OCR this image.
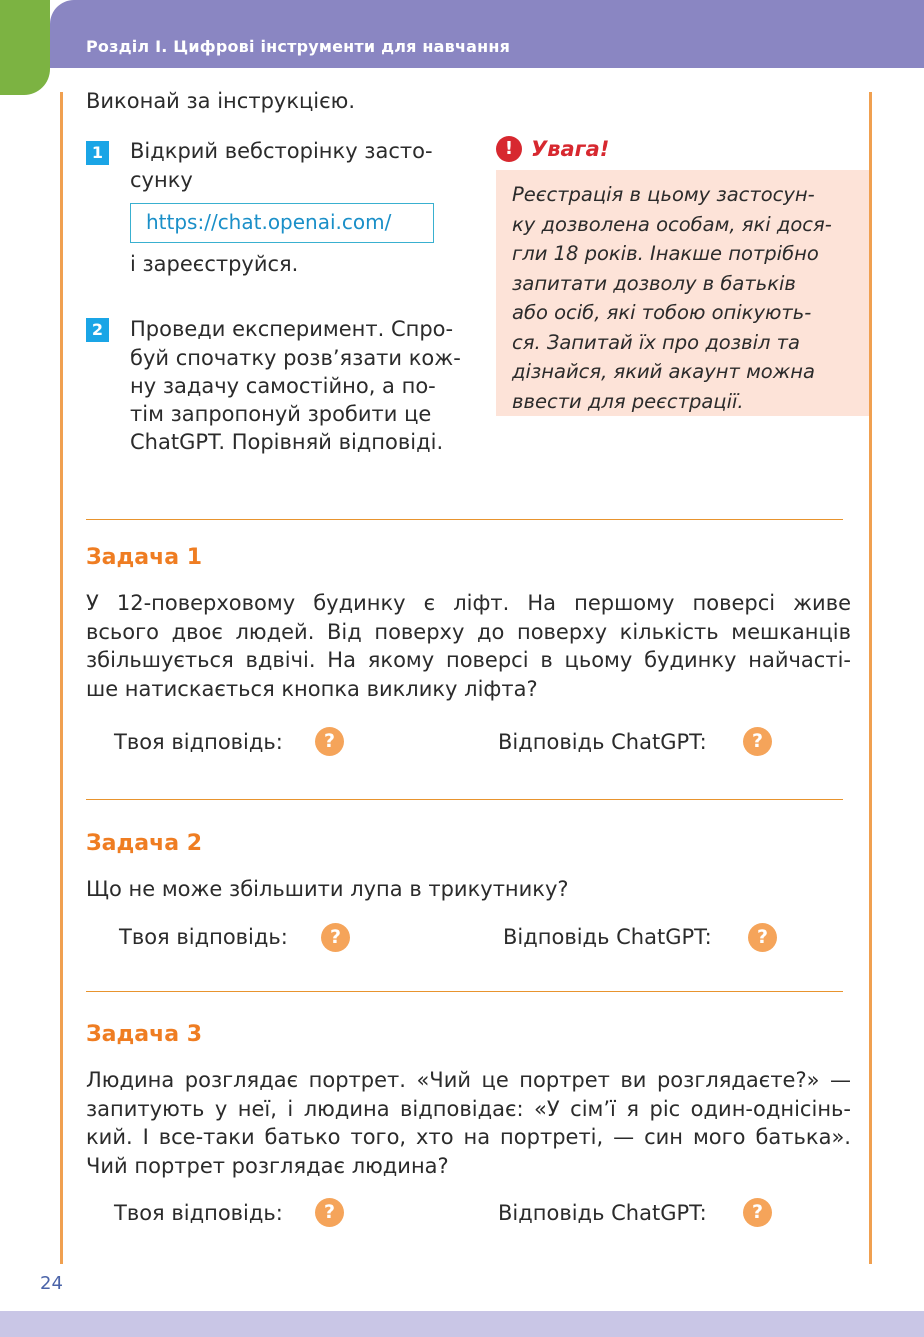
Розділ І. Цифрові інструменти для навчання
Виконай за інструкцією.
1 Відкрий вебсторінку засто-
сунку
https://chat.openai.com/
і зареєструйся.
2 Проведи експеримент. Спро-
буй спочатку розв’язати кож-
ну задачу самостійно, а по-
тім запропонуй зробити це
ChatGPT. Порівняй відповіді.
! Увага!

Реєстрація в цьому застосун-

ку дозволена особам, які дося-

гли 18 років. Інакше потрібно

запитати дозволу в батьків

або осіб, які тобою опікують-

ся. Запитай їх про дозвіл та

дізнайся, який акаунт можна

ввести для реєстрації.

Задача 1
У 12-поверховому будинку є ліфт. На першому поверсі живе
всього двоє людей. Від поверху до поверху кількість мешканців
збільшується вдвічі. На якому поверсі в цьому будинку найчасті-
ше натискається кнопка виклику ліфта?
Твоя відповідь:	?	Відповідь ChatGPT:	?
Задача 2
Що не може збільшити лупа в трикутнику?
Твоя відповідь:	?	Відповідь ChatGPT:	?
Задача 3
Людина розглядає портрет. «Чий це портрет ви розглядаєте?» —
запитують у неї, і людина відповідає: «У сім’ї я ріс один-однісінь-
кий. І все-таки батько того, хто на портреті, — син мого батька».
Чий портрет розглядає людина?
Твоя відповідь:	?	Відповідь ChatGPT:	?
24
